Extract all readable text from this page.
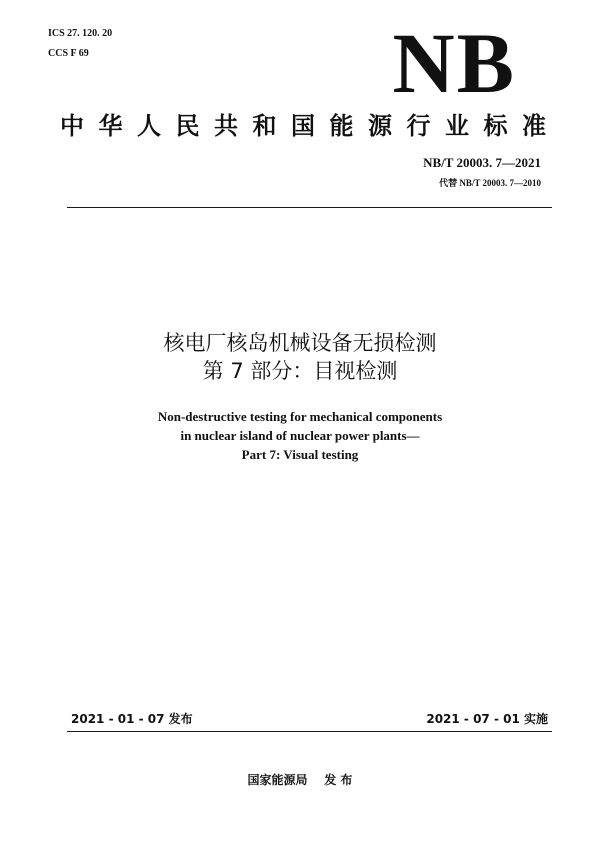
ICS 27. 120. 20
CCS F 69	NB
中华人民共和国能源行业标准
NB/T 20003. 7—2021
代替 NB/T 20003. 7—2010
核电厂核岛机械设备无损检测
第 7 部分：目视检测
Non-destructive testing for mechanical components
in nuclear island of nuclear power plants—
Part 7: Visual testing
2021 - 01 - 07 发布	2021 - 07 - 01 实施
国家能源局    发 布
